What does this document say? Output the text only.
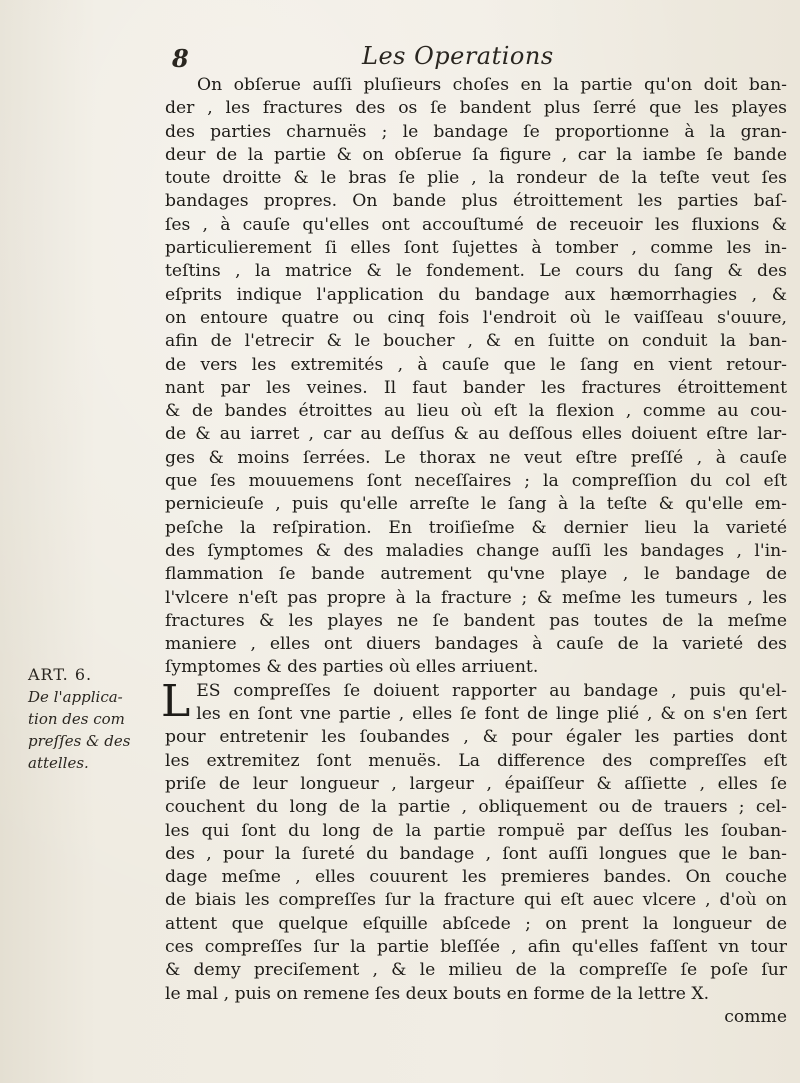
8	Les Operations
ART. 6.
De l'applica-
tion des com
preſſes & des
attelles.

On obſerue auſſi pluſieurs choſes en la partie qu'on doit ban-
der , les fractures des os ſe bandent plus ſerré que les playes
des parties charnuës ; le bandage ſe proportionne à la gran-
deur de la partie & on obſerue ſa figure , car la iambe ſe bande
toute droitte & le bras ſe plie , la rondeur de la teſte veut ſes
bandages propres. On bande plus étroittement les parties baſ-
ſes , à cauſe qu'elles ont accouſtumé de receuoir les fluxions &
particulierement ſi elles ſont ſujettes à tomber , comme les in-
teſtins , la matrice & le fondement. Le cours du ſang & des
eſprits indique l'application du bandage aux hæmorrhagies , &
on entoure quatre ou cinq fois l'endroit où le vaiſſeau s'ouure,
afin de l'etrecir & le boucher , & en ſuitte on conduit la ban-
de vers les extremités , à cauſe que le ſang en vient retour-
nant par les veines. Il faut bander les fractures étroittement
& de bandes étroittes au lieu où eſt la flexion , comme au cou-
de & au iarret , car au deſſus & au deſſous elles doiuent eſtre lar-
ges & moins ſerrées. Le thorax ne veut eſtre preſſé , à cauſe
que ſes mouuemens ſont neceſſaires ; la compreſſion du col eſt
pernicieuſe , puis qu'elle arreſte le ſang à la teſte & qu'elle em-
peſche la reſpiration. En troiſieſme & dernier lieu la varieté
des ſymptomes & des maladies change auſſi les bandages , l'in-
flammation ſe bande autrement qu'vne playe , le bandage de
l'vlcere n'eſt pas propre à la fracture ; & meſme les tumeurs , les
fractures & les playes ne ſe bandent pas toutes de la meſme
maniere , elles ont diuers bandages à cauſe de la varieté des
ſymptomes & des parties où elles arriuent.

L ES compreſſes ſe doiuent rapporter au bandage , puis qu'el-
les en ſont vne partie , elles ſe font de linge plié , & on s'en ſert
pour entretenir les ſoubandes , & pour égaler les parties dont
les extremitez ſont menuës. La difference des compreſſes eſt
priſe de leur longueur , largeur , épaiſſeur & aſſiette , elles ſe
couchent du long de la partie , obliquement ou de trauers ; cel-
les qui ſont du long de la partie rompuë par deſſus les ſouban-
des , pour la ſureté du bandage , ſont auſſi longues que le ban-
dage meſme , elles couurent les premieres bandes. On couche
de biais les compreſſes ſur la fracture qui eſt auec vlcere , d'où on
attent que quelque eſquille abſcede ; on prent la longueur de
ces compreſſes ſur la partie bleſſée , afin qu'elles faſſent vn tour
& demy preciſement , & le milieu de la compreſſe ſe poſe ſur
le mal , puis on remene ſes deux bouts en forme de la lettre X.

comme
